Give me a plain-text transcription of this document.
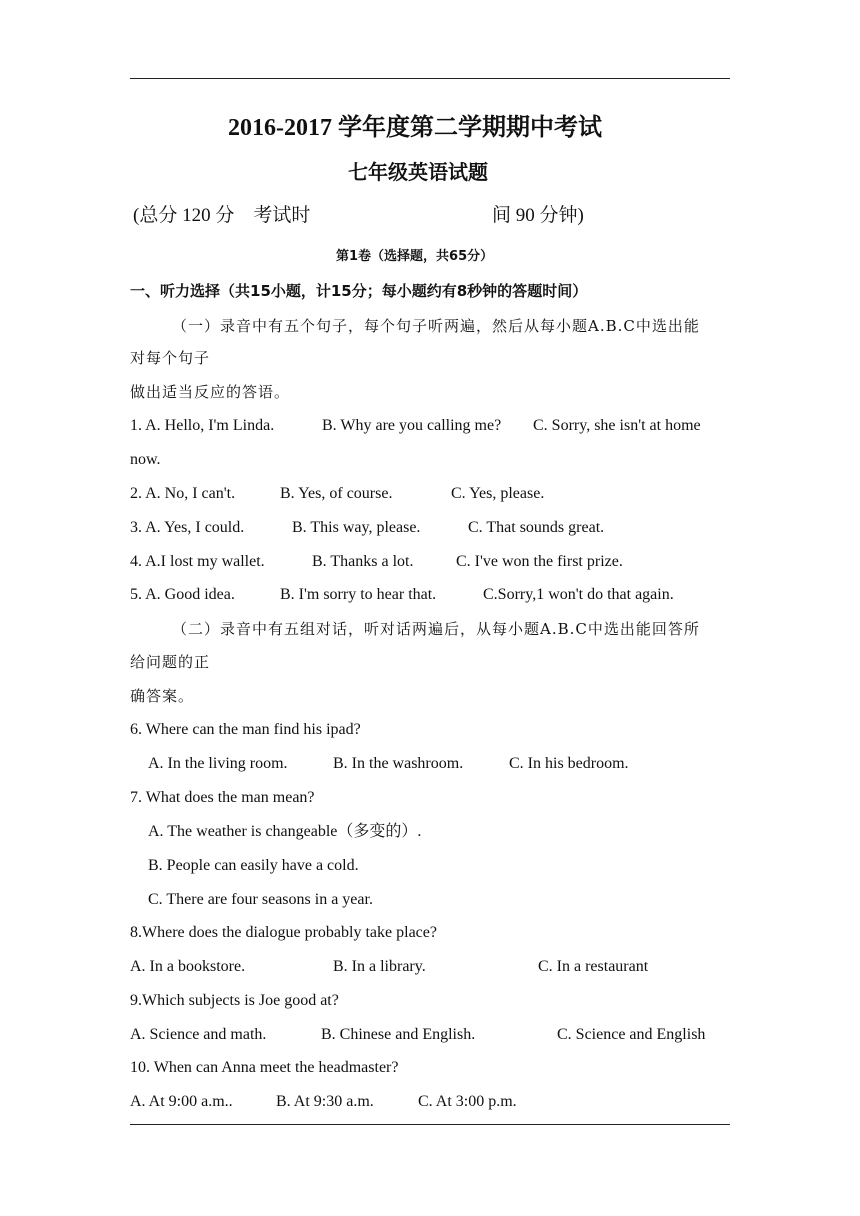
2016-2017 学年度第二学期期中考试
七年级英语试题
(总分 120 分　考试时	间 90 分钟)
第1卷（选择题，共65分）
一、听力选择（共15小题，计15分；每小题约有8秒钟的答题时间）
（一）录音中有五个句子，每个句子听两遍，然后从每小题A.B.C中选出能
对每个句子
做出适当反应的答语。
1. A. Hello, I'm Linda.	B. Why are you calling me? C. Sorry, she isn't at home
now.
2. A. No, I can't.	B. Yes, of course.	C. Yes, please.
3. A. Yes, I could.	B. This way, please.	C. That sounds great.
4. A.I lost my wallet.	B. Thanks a lot.	C. I've won the first prize.
5. A. Good idea.	B. I'm sorry to hear that.	C.Sorry,1 won't do that again.
（二）录音中有五组对话，听对话两遍后，从每小题A.B.C中选出能回答所
给问题的正
确答案。
6. Where can the man find his ipad?
A. In the living room.	B. In the washroom.	C. In his bedroom.
7. What does the man mean?
A. The weather is changeable（多变的）.
B. People can easily have a cold.
C. There are four seasons in a year.
8.Where does the dialogue probably take place?
A. In a bookstore.	B. In a library.	C. In a restaurant
9.Which subjects is Joe good at?
A. Science and math.	B. Chinese and English.	C. Science and English
10. When can Anna meet the headmaster?
A. At 9:00 a.m..	B. At 9:30 a.m.	C. At 3:00 p.m.
